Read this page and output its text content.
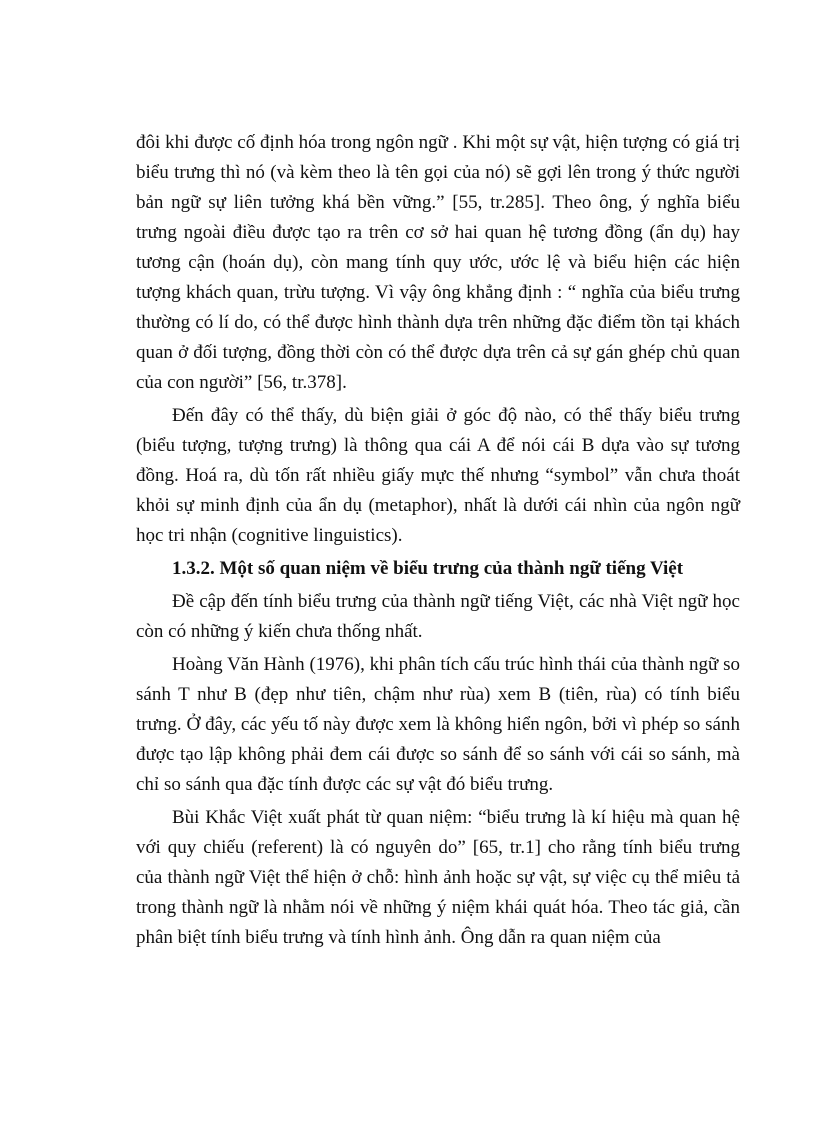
đôi khi được cố định hóa trong ngôn ngữ . Khi một sự vật, hiện tượng có giá trị biểu trưng thì nó (và kèm theo là tên gọi của nó) sẽ gợi lên trong ý thức người bản ngữ sự liên tưởng khá bền vững.” [55, tr.285]. Theo ông, ý nghĩa biểu trưng ngoài điều được tạo ra trên cơ sở hai quan hệ tương đồng (ẩn dụ) hay tương cận (hoán dụ), còn mang tính quy ước, ước lệ và biểu hiện các hiện tượng khách quan, trừu tượng. Vì vậy ông khẳng định : “ nghĩa của biểu trưng thường có lí do, có thể được hình thành dựa trên những đặc điểm tồn tại khách quan ở đối tượng, đồng thời còn có thể được dựa trên cả sự gán ghép chủ quan của con người” [56, tr.378].

Đến đây có thể thấy, dù biện giải ở góc độ nào, có thể thấy biểu trưng (biểu tượng, tượng trưng) là thông qua cái A để nói cái B dựa vào sự tương đồng. Hoá ra, dù tốn rất nhiều giấy mực thế nhưng “symbol” vẫn chưa thoát khỏi sự minh định của ẩn dụ (metaphor), nhất là dưới cái nhìn của ngôn ngữ học tri nhận (cognitive linguistics).

1.3.2. Một số quan niệm về biểu trưng của thành ngữ tiếng Việt

Đề cập đến tính biểu trưng của thành ngữ tiếng Việt, các nhà Việt ngữ học còn có những ý kiến chưa thống nhất.

Hoàng Văn Hành (1976), khi phân tích cấu trúc hình thái của thành ngữ so sánh T như B (đẹp như tiên, chậm như rùa) xem B (tiên, rùa) có tính biểu trưng. Ở đây, các yếu tố này được xem là không hiển ngôn, bởi vì phép so sánh được tạo lập không phải đem cái được so sánh để so sánh với cái so sánh, mà chỉ so sánh qua đặc tính được các sự vật đó biểu trưng.

Bùi Khắc Việt xuất phát từ quan niệm: “biểu trưng là kí hiệu mà quan hệ với quy chiếu (referent) là có nguyên do” [65, tr.1] cho rằng tính biểu trưng của thành ngữ Việt thể hiện ở chỗ: hình ảnh hoặc sự vật, sự việc cụ thể miêu tả trong thành ngữ là nhằm nói về những ý niệm khái quát hóa. Theo tác giả, cần phân biệt tính biểu trưng và tính hình ảnh. Ông dẫn ra quan niệm của
